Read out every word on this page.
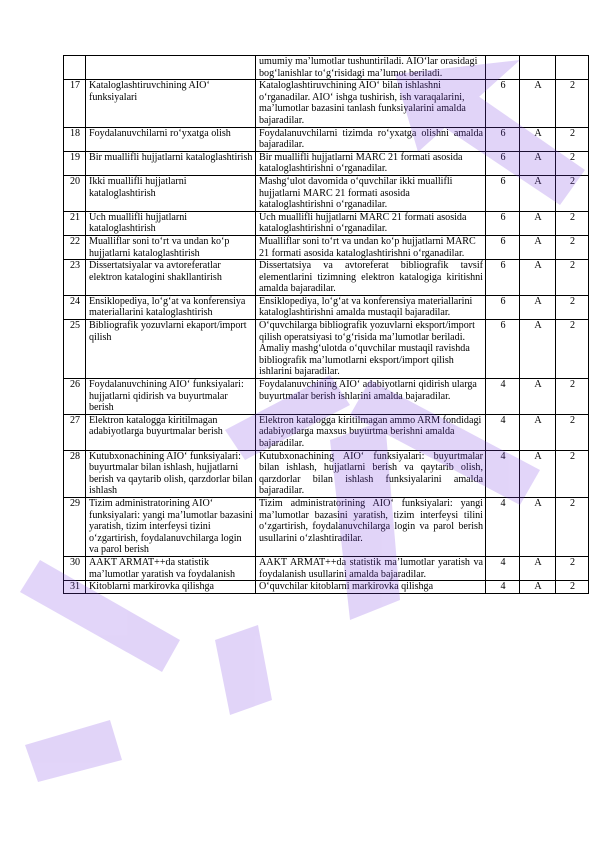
		umumiy ma’lumotlar tushuntiriladi. AIO‘lar orasidagi bog‘lanishlar to‘g‘risidagi ma’lumot beriladi.			
17	Kataloglashtiruvchining AIO‘ funksiyalari	Kataloglashtiruvchining AIO‘ bilan ishlashni o‘rganadilar. AIO‘ ishga tushirish, ish varaqalarini, ma’lumotlar bazasini tanlash funksiyalarini amalda bajaradilar.	6	A	2
18	Foydalanuvchilarni ro‘yxatga olish	Foydalanuvchilarni tizimda ro‘yxatga olishni amalda bajaradilar.	6	A	2
19	Bir muallifli hujjatlarni kataloglashtirish	Bir muallifli hujjatlarni MARC 21 formati asosida kataloglashtirishni o‘rganadilar.	6	A	2
20	Ikki muallifli hujjatlarni kataloglashtirish	Mashg‘ulot davomida o‘quvchilar ikki muallifli hujjatlarni MARC 21 formati asosida kataloglashtirishni o‘rganadilar.	6	A	2
21	Uch muallifli hujjatlarni kataloglashtirish	Uch muallifli hujjatlarni MARC 21 formati asosida kataloglashtirishni o‘rganadilar.	6	A	2
22	Mualliflar soni to‘rt va undan ko‘p hujjatlarni kataloglashtirish	Mualliflar soni to‘rt va undan ko‘p hujjatlarni MARC 21 formati asosida kataloglashtirishni o‘rganadilar.	6	A	2
23	Dissertatsiyalar va avtoreferatlar elektron katalogini shakllantirish	Dissertatsiya va avtoreferat bibliografik tavsif elementlarini tizimning elektron katalogiga kiritishni amalda bajaradilar.	6	A	2
24	Ensiklopediya, lo‘g‘at va konferensiya materiallarini kataloglashtirish	Ensiklopediya, lo‘g‘at va konferensiya materiallarini kataloglashtirishni amalda mustaqil bajaradilar.	6	A	2
25	Bibliografik yozuvlarni ekaport/import qilish	O‘quvchilarga bibliografik yozuvlarni eksport/import qilish operatsiyasi to‘g‘risida ma’lumotlar beriladi. Amaliy mashg‘ulotda o‘quvchilar mustaqil ravishda bibliografik ma’lumotlarni eksport/import qilish ishlarini bajaradilar.	6	A	2
26	Foydalanuvchining AIO‘ funksiyalari: hujjatlarni qidirish va buyurtmalar berish	Foydalanuvchining AIO‘ adabiyotlarni qidirish ularga buyurtmalar berish ishlarini amalda bajaradilar.	4	A	2
27	Elektron katalogga kiritilmagan adabiyotlarga buyurtmalar berish	Elektron katalogga kiritilmagan ammo ARM fondidagi adabiyotlarga maxsus buyurtma berishni amalda bajaradilar.	4	A	2
28	Kutubxonachining AIO‘ funksiyalari: buyurtmalar bilan ishlash, hujjatlarni berish va qaytarib olish, qarzdorlar bilan ishlash	Kutubxonachining AIO‘ funksiyalari: buyurtmalar bilan ishlash, hujjatlarni berish va qaytarib olish, qarzdorlar bilan ishlash funksiyalarini amalda bajaradilar.	4	A	2
29	Tizim administratorining AIO‘ funksiyalari: yangi ma’lumotlar bazasini yaratish, tizim interfeysi tizini o‘zgartirish, foydalanuvchilarga login va parol berish	Tizim administratorining AIO‘ funksiyalari: yangi ma’lumotlar bazasini yaratish, tizim interfeysi tilini o‘zgartirish, foydalanuvchilarga login va parol berish usullarini o‘zlashtiradilar.	4	A	2
30	AAKT ARMAT++da statistik ma’lumotlar yaratish va foydalanish	AAKT ARMAT++da statistik ma’lumotlar yaratish va foydalanish usullarini amalda bajaradilar.	4	A	2
31	Kitoblarni markirovka qilishga	O‘quvchilar kitoblarni markirovka qilishga	4	A	2
